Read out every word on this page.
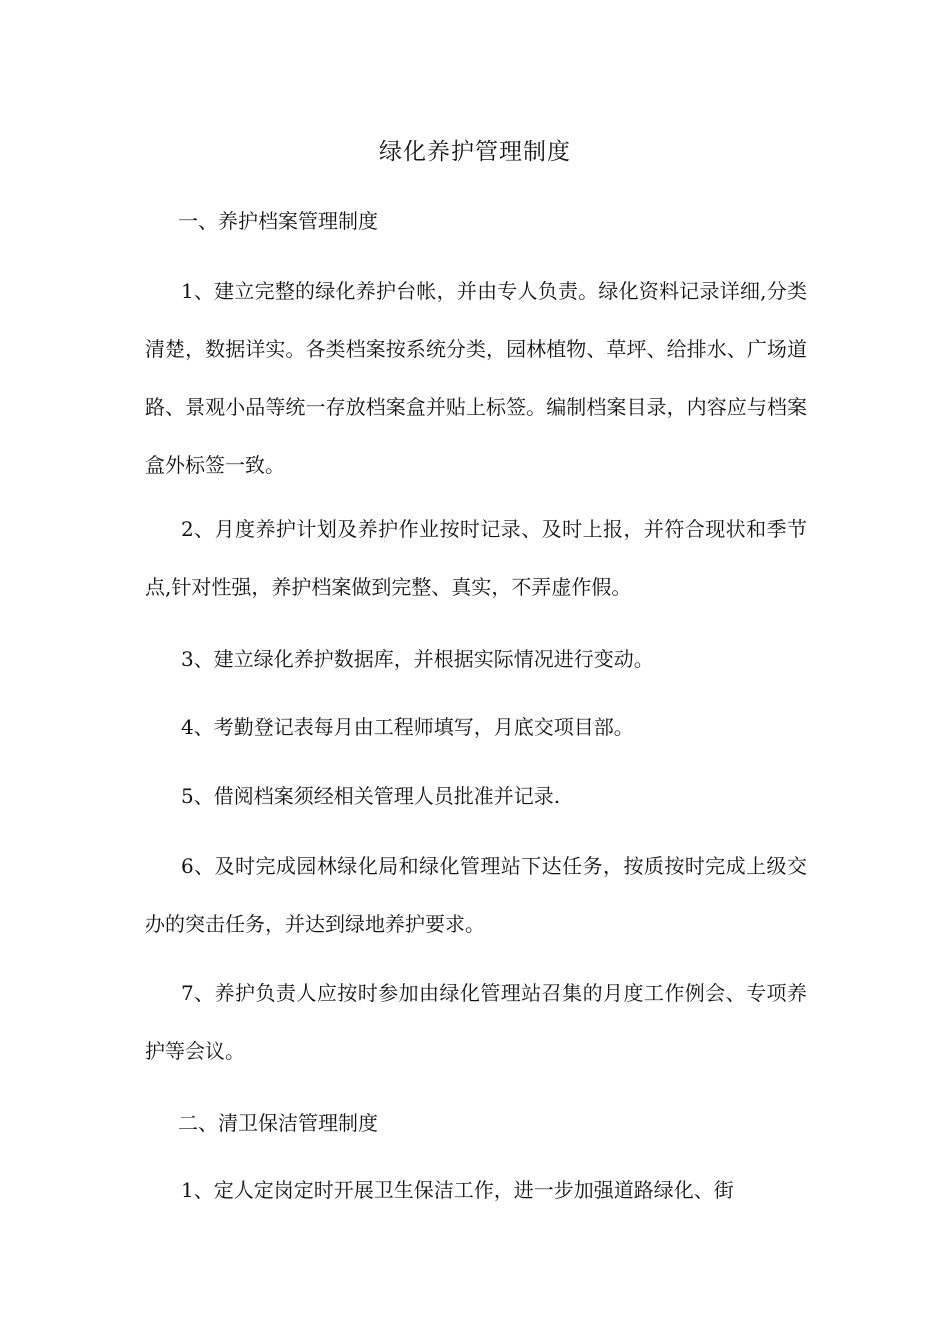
绿化养护管理制度

一、养护档案管理制度

1、建立完整的绿化养护台帐，并由专人负责。绿化资料记录详细,分类清楚，数据详实。各类档案按系统分类，园林植物、草坪、给排水、广场道路、景观小品等统一存放档案盒并贴上标签。编制档案目录，内容应与档案盒外标签一致。

2、月度养护计划及养护作业按时记录、及时上报，并符合现状和季节点,针对性强，养护档案做到完整、真实，不弄虚作假。

3、建立绿化养护数据库，并根据实际情况进行变动。

4、考勤登记表每月由工程师填写，月底交项目部。

5、借阅档案须经相关管理人员批准并记录.

6、及时完成园林绿化局和绿化管理站下达任务，按质按时完成上级交办的突击任务，并达到绿地养护要求。

7、养护负责人应按时参加由绿化管理站召集的月度工作例会、专项养护等会议。

二、清卫保洁管理制度

1、定人定岗定时开展卫生保洁工作，进一步加强道路绿化、街
